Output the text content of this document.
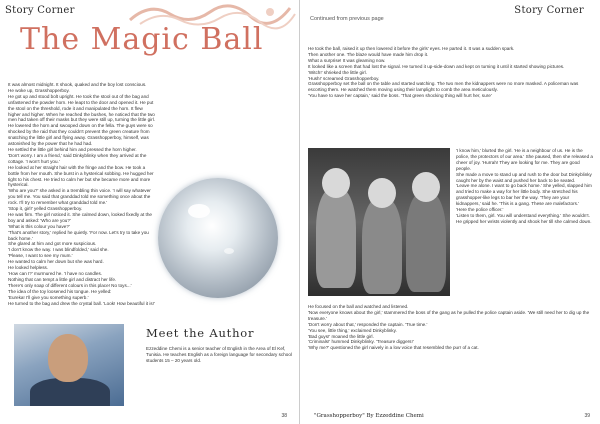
Story Corner
The Magic Ball

It was almost midnight. It shook, quaked and the boy lost conscious.

He woke up, Grasshopperboy.

He got up and stood bolt upright. He took the stool out of the bag and unfastened the powder horn. He leapt to the door and opened it. He put the stool on the threshold, rode it and manipulated the horn. It flew higher and higher. When he reached the bushes, he noticed that the two men had taken off their masks but they were still up, turning the little girl.

He lowered the horn and swooped down on the fella. The guys were so shocked by the raid that they couldn't prevent the green creature from snatching the little girl and flying away. Grasshopperboy, himself, was astonished by the power that he had had.

He settled the little girl behind him and pressed the horn higher.

'Don't worry. I am a friend,' said Dinkyblinky when they arrived at the cottage. 'I won't hurt you.'

He looked at her straight hair with the fringe and the bow. He took a bottle from her mouth. She burst in a hysterical sobbing. He hugged her tight to his chest. He tried to calm her but she became more and more hysterical.

'Who are you?' she asked in a trembling thin voice. 'I will say whatever you tell me. You said that granddad told me something once about the rock. I'll try to remember what granddad told me.'

'Stop it, girl!' yelled Grasshopperboy.

He was firm. The girl noticed it. She calmed down, looked fixedly at the boy and asked: 'Who are you?'

'What is this colour you have?'

'That's another story,' replied he quietly. 'For now. Let's try to take you back home.'

She glared at him and got more suspicious.

'I don't know the way. I was blindfolded,' said she.

'Please, I want to see my mum.'

He wanted to calm her down but she was hard.

He looked helpless.

'How can I?' murmured he. 'I have no candles.

Nothing that can tempt a little girl and distract her life.

There's only soap of different colours in this place! No toys...'

The idea of the toy loosened his tongue. He yelled:

'Eureka! I'll give you something superb.'

He turned to the bag and drew the crystal ball. 'Look! How beautiful it is!'

Meet the Author
Ezzeddine Chemi is a senior teacher of English in the Area of El Kef, Tunisia. He teaches English as a foreign language for secondary school students 15 – 20 years old.
38
Continued from previous page
Story Corner

He took the ball, raised it up then lowered it before the girls' eyes. He parted it. It was a sudden spark.

Then another one. The blaze would have made him drop it.

What a surprise! It was gleaming now.

It looked like a screen that had lost the signal. He turned it up-side-down and kept on turning it until it started showing pictures.

'Witch!' shrieked the little girl.

'Hush!' screamed Grasshopperboy.

Grasshopperboy set the ball on the table and started watching. The two men the kidnappers were no more masked. A policeman was escorting them. He watched them moving using their lamplight to comb the area meticulously.

'You have to save her captain,' said the boss. 'That green shocking thing will hurt her, sure'

'I know him,' blurted the girl. 'He is a neighbour of us. He is the police, the protectors of our area.' She paused, then she released a cheer of joy. 'Hurrah! They are looking for me. They are good people.

She made a move to stand up and rush to the door but Dinkyblinky caught her by the waist and pushed her back to be seated.

'Leave me alone. I want to go back home.' She yelled, slapped him and tried to make a way for her little body. She stretched his grasshopper-like legs to bar her the way. 'They are your kidnappers,' said he. 'This is a gang. These are malefactors.'

'Here the police officer.'

'Listen to them, girl. You will understand everything.' She wouldn't.

He gripped her wrists violently and shook her till she calmed down.

He focused on the ball and watched and listened.

'Now everyone knows about the girl,' stammered the boss of the gang as he pulled the police captain aside. 'We still need her to dig up the treasure.'

'Don't worry about that,' responded the captain. 'True time.'

'You see, little thing,' exclaimed Dinkyblinky.

'Bad guys!' moaned the little girl.

'Criminals!' hummed Dinkyblinky. 'Treasure diggers!'

'Why me?' questioned the girl naively in a low voice that resembled the purr of a cat.

"Grasshopperboy" By Ezzeddine Chemi	39
